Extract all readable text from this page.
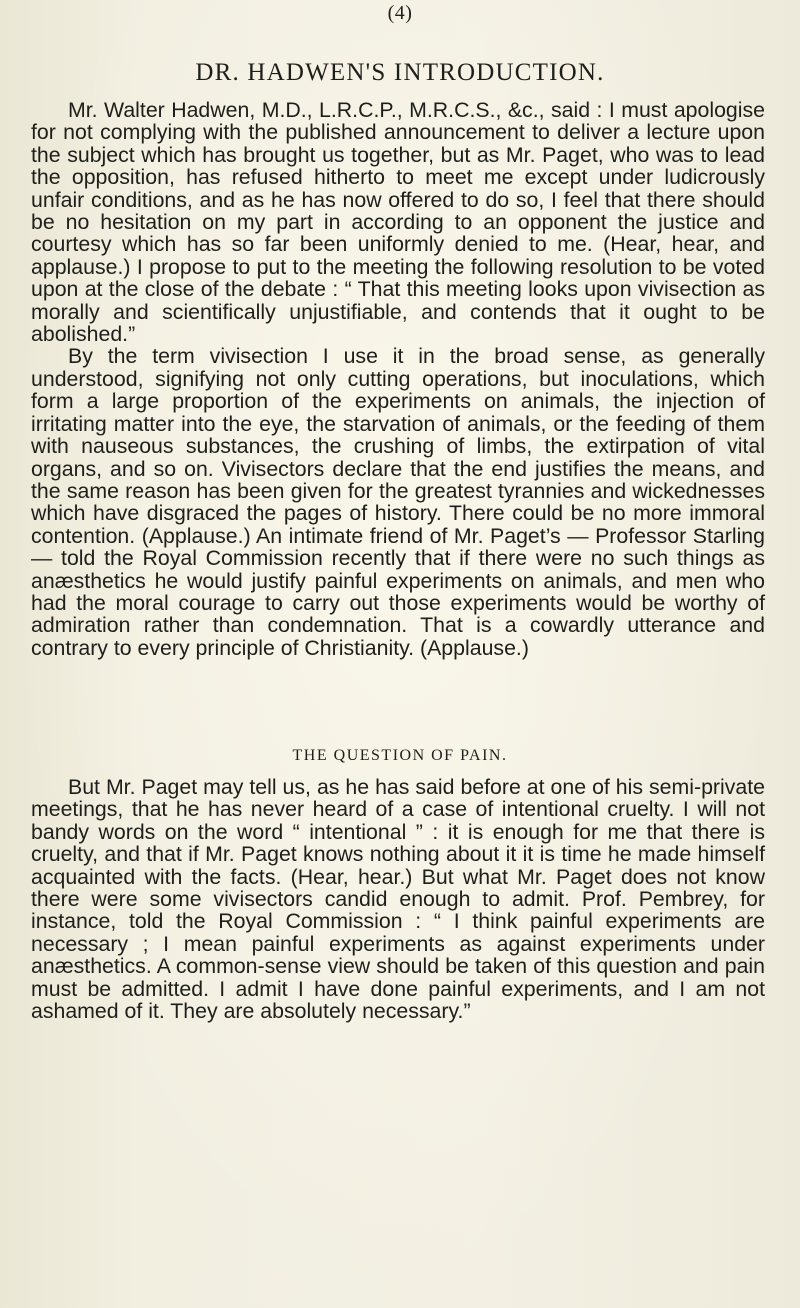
(4)
DR. HADWEN'S INTRODUCTION.

Mr. Walter Hadwen, M.D., L.R.C.P., M.R.C.S., &c., said : I must apologise for not complying with the published announcement to deliver a lecture upon the subject which has brought us together, but as Mr. Paget, who was to lead the opposition, has refused hitherto to meet me except under ludicrously unfair conditions, and as he has now offered to do so, I feel that there should be no hesitation on my part in according to an opponent the justice and courtesy which has so far been uniformly denied to me. (Hear, hear, and applause.) I propose to put to the meeting the following resolution to be voted upon at the close of the debate : “ That this meeting looks upon vivisection as morally and scientifically unjustifiable, and contends that it ought to be abolished.”

By the term vivisection I use it in the broad sense, as generally understood, signifying not only cutting operations, but inoculations, which form a large proportion of the experiments on animals, the injection of irritating matter into the eye, the starvation of animals, or the feeding of them with nauseous substances, the crushing of limbs, the extirpation of vital organs, and so on. Vivisectors declare that the end justifies the means, and the same reason has been given for the greatest tyrannies and wickednesses which have disgraced the pages of history. There could be no more immoral contention. (Applause.) An intimate friend of Mr. Paget’s — Professor Starling — told the Royal Commission recently that if there were no such things as anæsthetics he would justify painful experiments on animals, and men who had the moral courage to carry out those experiments would be worthy of admiration rather than condemnation. That is a cowardly utterance and contrary to every principle of Christianity. (Applause.)

THE QUESTION OF PAIN.

But Mr. Paget may tell us, as he has said before at one of his semi-private meetings, that he has never heard of a case of intentional cruelty. I will not bandy words on the word “ intentional ” : it is enough for me that there is cruelty, and that if Mr. Paget knows nothing about it it is time he made himself acquainted with the facts. (Hear, hear.) But what Mr. Paget does not know there were some vivisectors candid enough to admit. Prof. Pembrey, for instance, told the Royal Commission : “ I think painful experiments are necessary ; I mean painful experiments as against experiments under anæsthetics. A common-sense view should be taken of this question and pain must be admitted. I admit I have done painful experiments, and I am not ashamed of it. They are absolutely necessary.”
